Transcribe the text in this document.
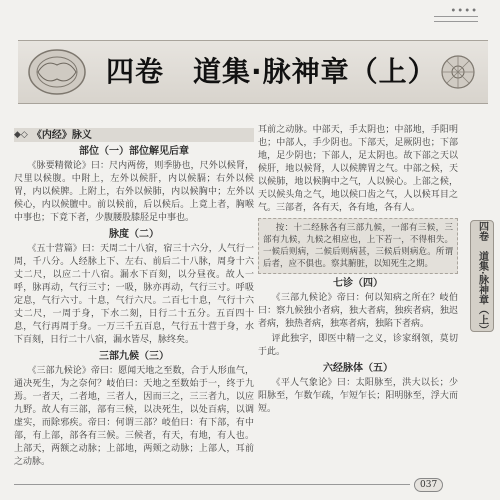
••••
四卷　道集·脉神章（上）
◆◇ 《内经》脉义
部位（一）部位解见后章

《脉要精微论》曰：尺内两傍，则季胁也，尺外以候肾，尺里以候腹。中附上，左外以候肝，内以候膈；右外以候胃，内以候脾。上附上，右外以候肺，内以候胸中；左外以候心，内以候膻中。前以候前，后以候后。上竟上者，胸喉中事也；下竟下者，少腹腰股膝胫足中事也。

脉度（二）

《五十营篇》曰：天周二十八宿，宿三十六分，人气行一周，千八分。人经脉上下、左右、前后二十八脉，周身十六丈二尺，以应二十八宿。漏水下百刻，以分昼夜。故人一呼，脉再动，气行三寸；一吸，脉亦再动，气行三寸。呼吸定息，气行六寸。十息，气行六尺。二百七十息，气行十六丈二尺，一周于身，下水二刻，日行二十五分。五百四十息，气行再周于身。一万三千五百息，气行五十营于身，水下百刻，日行二十八宿，漏水皆尽，脉终矣。

三部九候（三）

《三部九候论》帝曰：愿闻天地之至数，合于人形血气，通决死生，为之奈何？岐伯曰：天地之至数始于一，终于九焉。一者天，二者地，三者人，因而三之，三三者九，以应九野。故人有三部，部有三候，以决死生，以处百病，以调虚实，而除邪疾。帝曰：何谓三部？岐伯曰：有下部，有中部，有上部，部各有三候。三候者，有天，有地，有人也。上部天，两额之动脉；上部地，两颊之动脉；上部人，耳前之动脉。

耳前之动脉。中部天，手太阴也；中部地，手阳明也；中部人，手少阴也。下部天，足厥阴也；下部地，足少阴也；下部人，足太阴也。故下部之天以候肝，地以候肾，人以候脾胃之气。中部之候，天以候肺，地以候胸中之气，人以候心。上部之候，天以候头角之气，地以候口齿之气，人以候耳目之气。三部者，各有天，各有地，各有人。

按：十二经脉各有三部九候，一部有三候，三部有九候，九候之相应也，上下若一，不得相失。一候后则病，二候后则病甚，三候后则病危。所谓后者，应不俱也。察其腑脏，以知死生之期。

七诊（四）

《三部九候论》帝曰：何以知病之所在？岐伯曰：察九候独小者病，独大者病，独疾者病，独迟者病，独热者病，独寒者病，独陷下者病。

评此独字，即医中精一之义，诊家纲领，莫切于此。

六经脉体（五）

《平人气象论》曰：太阳脉至，洪大以长；少阳脉至，乍数乍疏，乍短乍长；阳明脉至，浮大而短。

四卷　道集·脉神章（上）
037
